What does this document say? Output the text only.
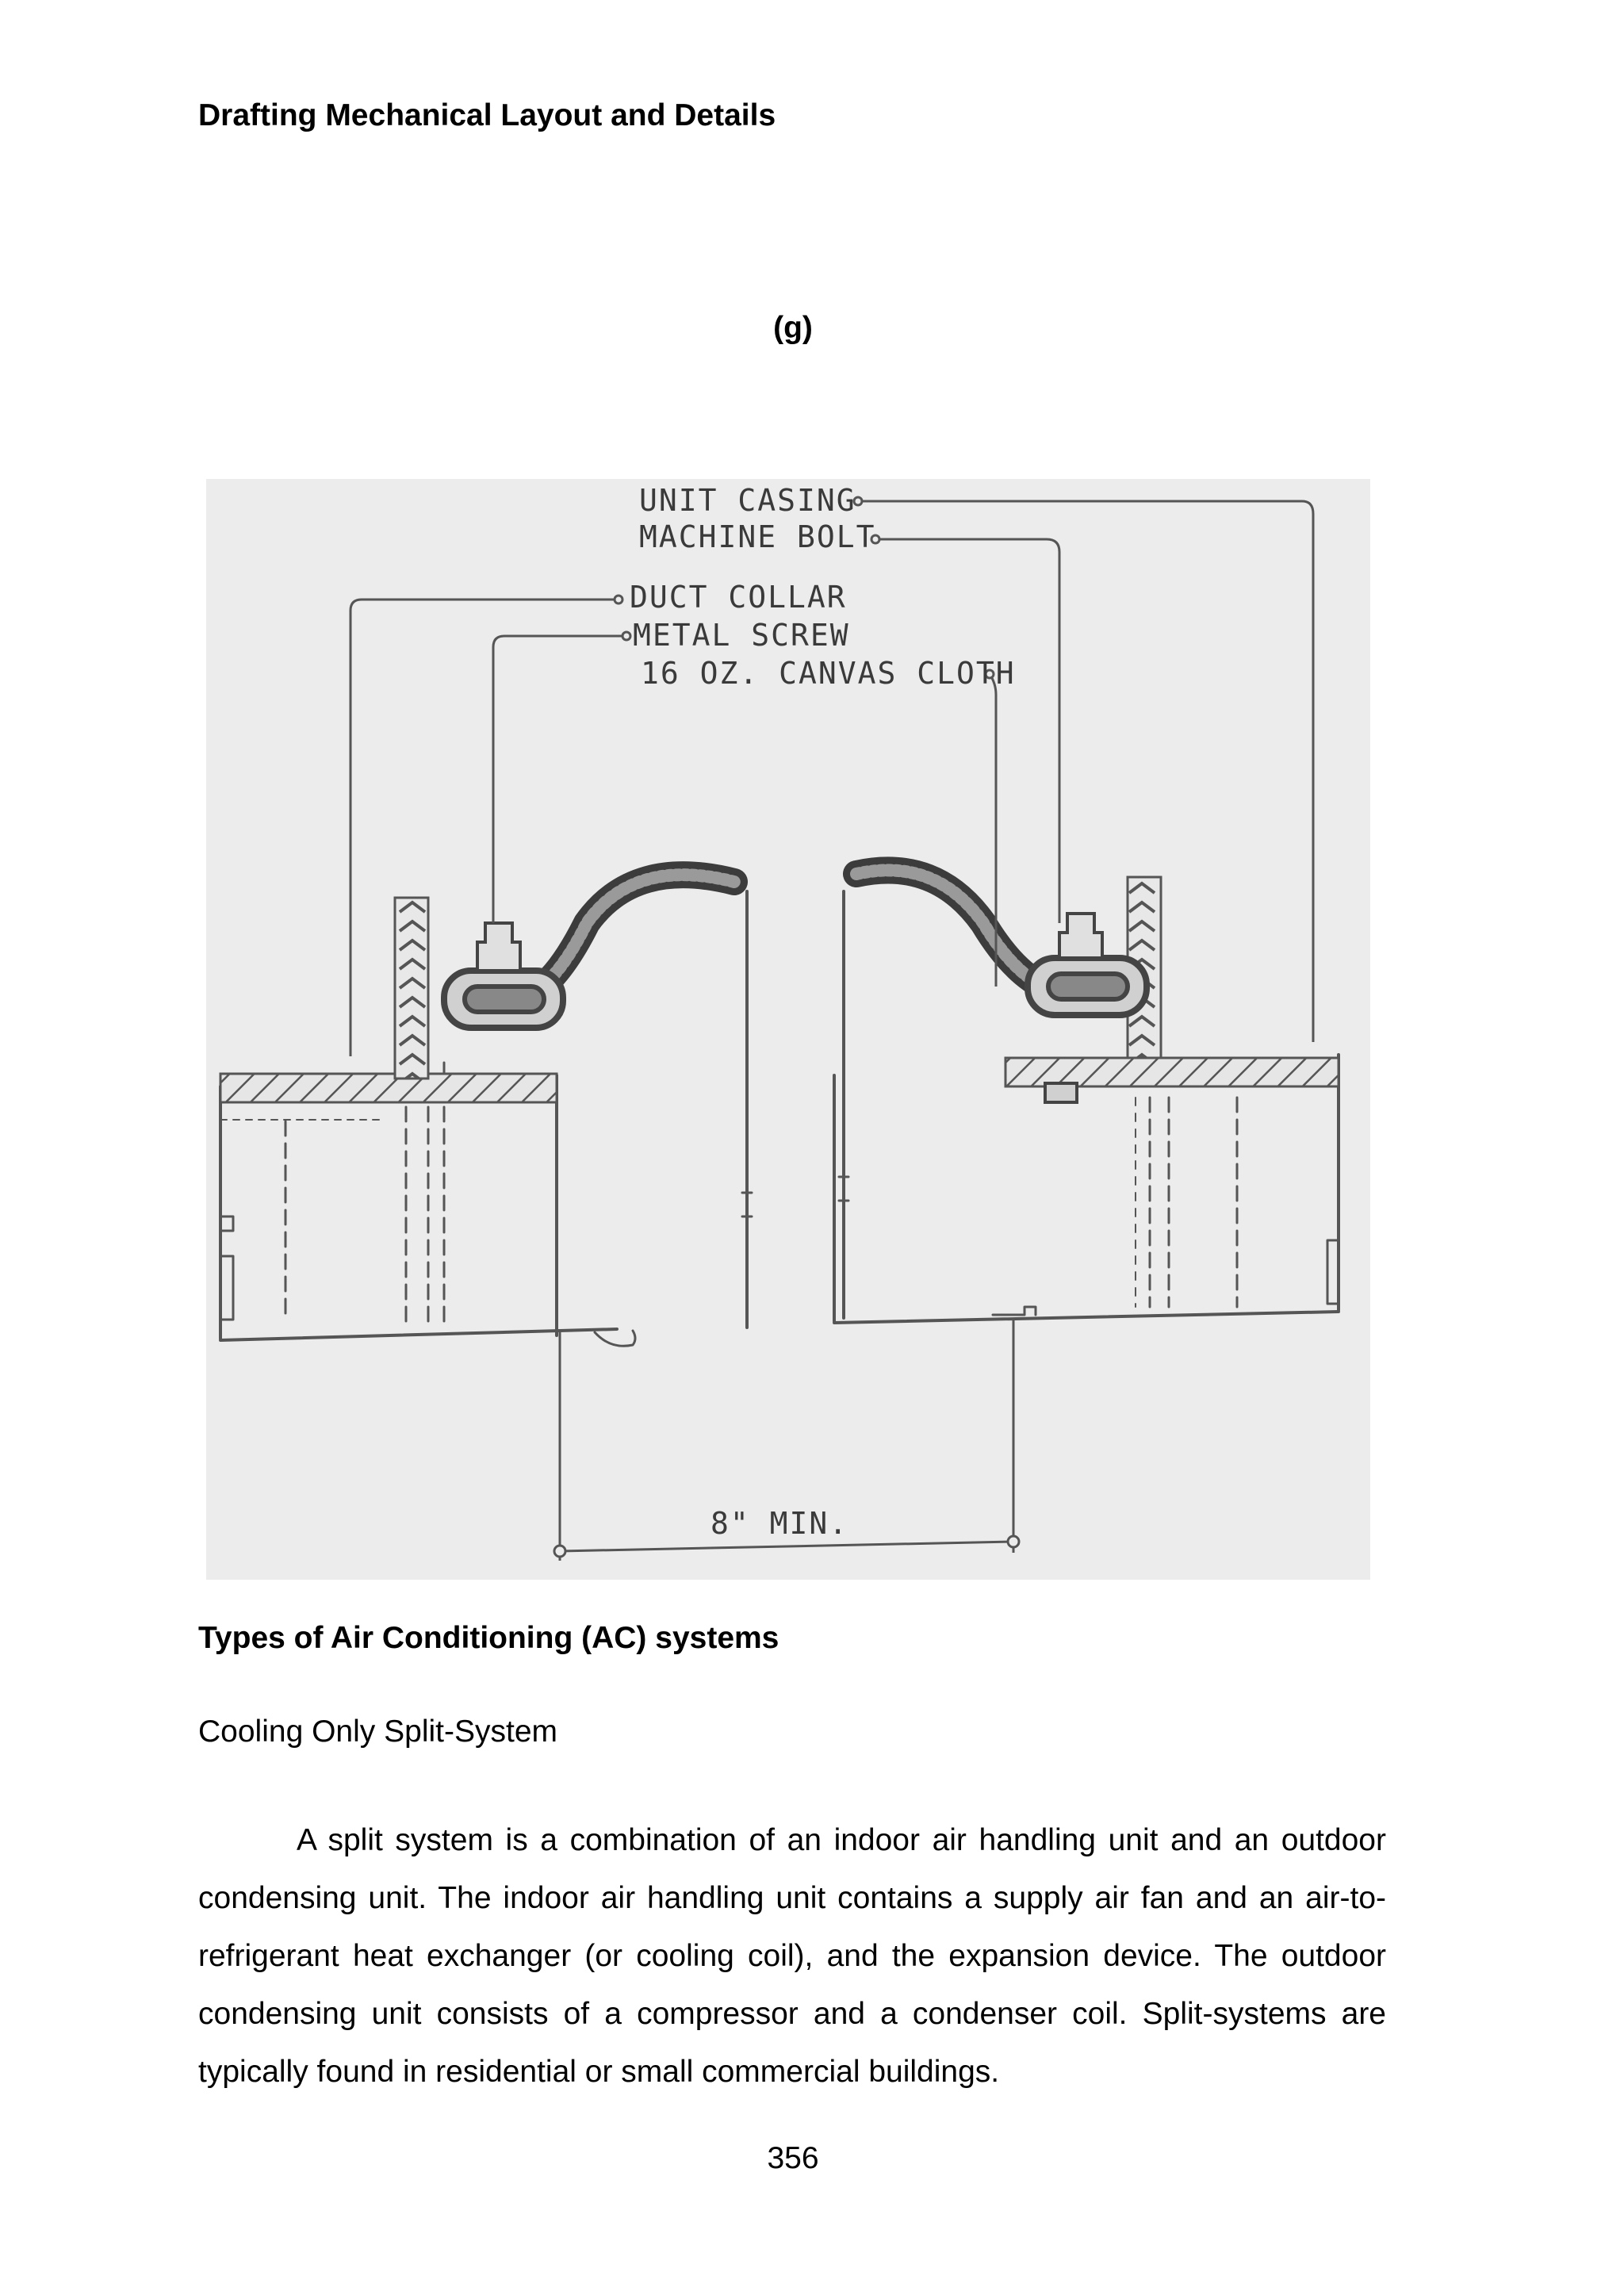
Drafting Mechanical Layout and Details
(g)
UNIT CASING
MACHINE BOLT
DUCT COLLAR
METAL SCREW
16 OZ. CANVAS CLOTH
8" MIN.
Types of Air Conditioning (AC) systems
Cooling Only Split-System

A split system is a combination of an indoor air handling unit and an outdoor condensing unit. The indoor air handling unit contains a supply air fan and an air-to-refrigerant heat exchanger (or cooling coil), and the expansion device. The outdoor condensing unit consists of a compressor and a condenser coil. Split-systems are typically found in residential or small commercial buildings.

356
